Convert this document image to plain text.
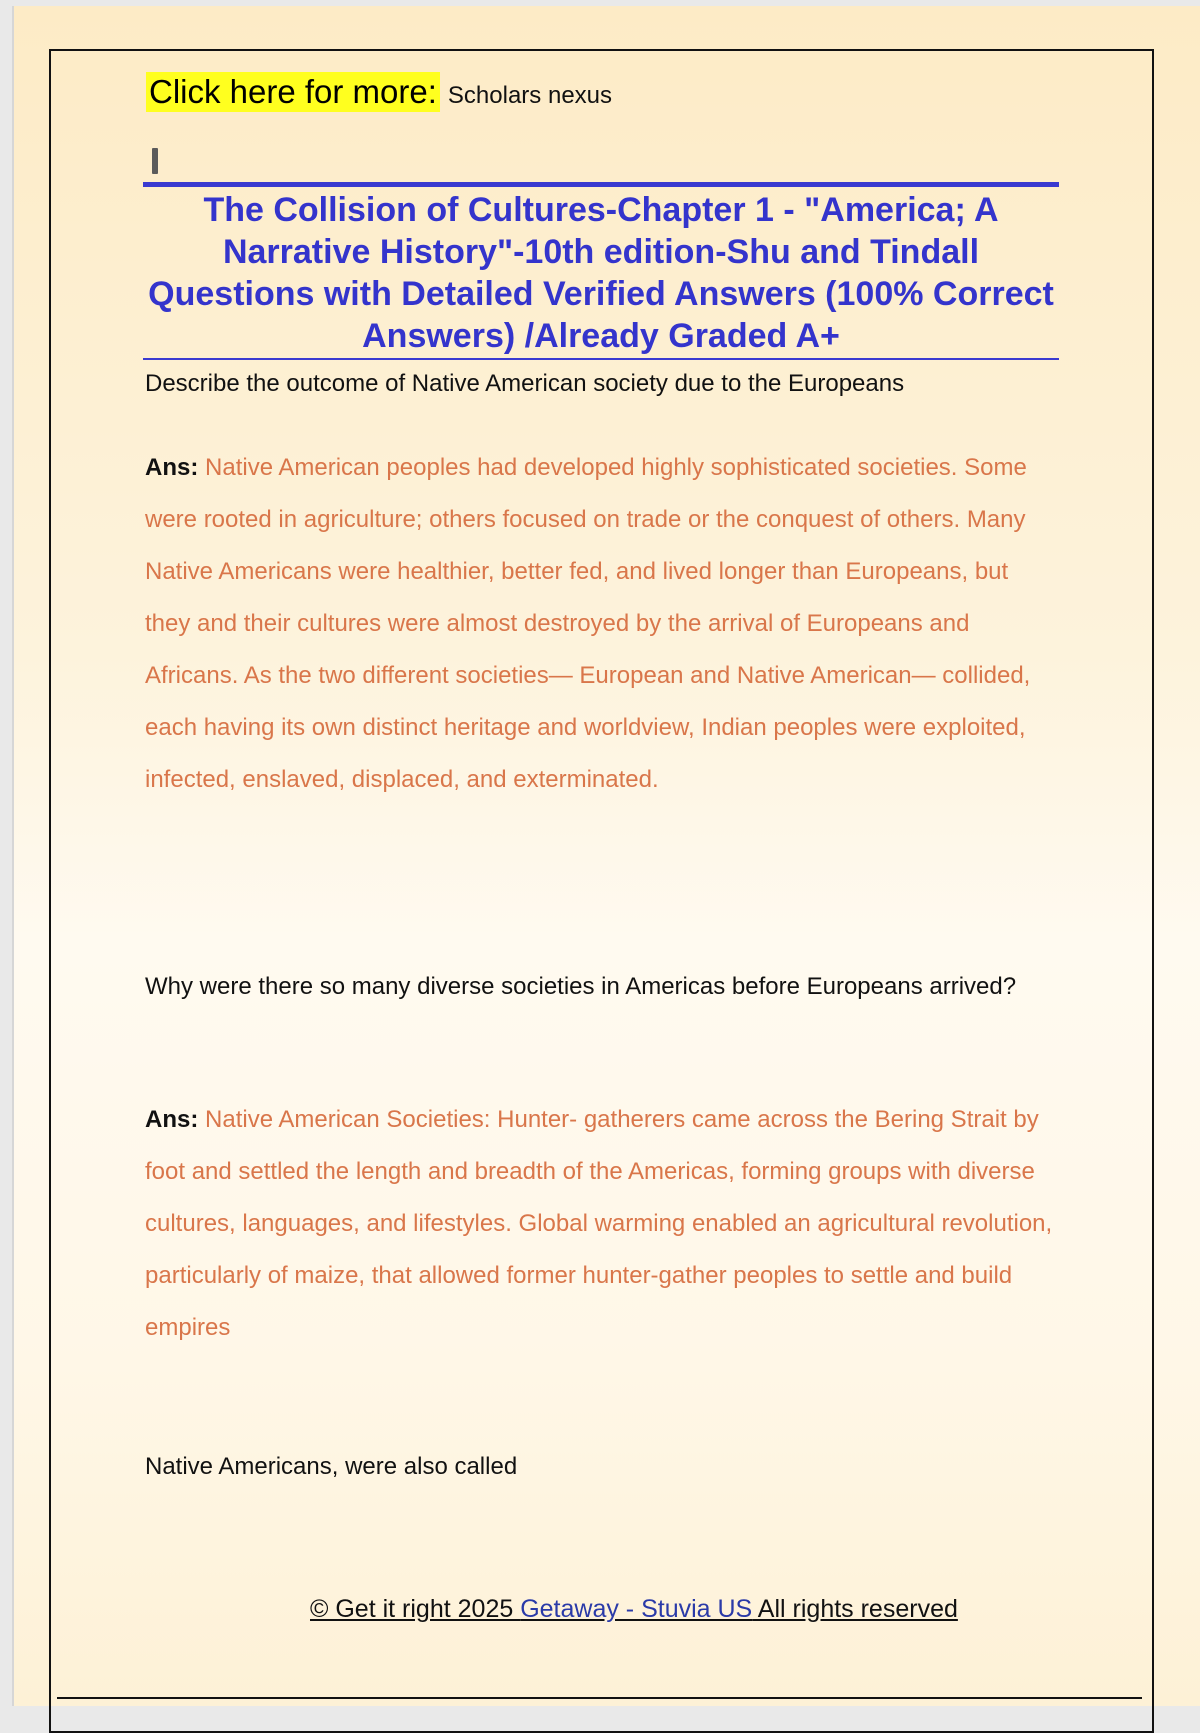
Click here for more: Scholars nexus
The Collision of Cultures-Chapter 1 - "America; A Narrative History"-10th edition-Shu and Tindall Questions with Detailed Verified Answers (100% Correct Answers) /Already Graded A+

Describe the outcome of Native American society due to the Europeans

Ans: Native American peoples had developed highly sophisticated societies. Some were rooted in agriculture; others focused on trade or the conquest of others. Many Native Americans were healthier, better fed, and lived longer than Europeans, but they and their cultures were almost destroyed by the arrival of Europeans and Africans. As the two different societies— European and Native American— collided, each having its own distinct heritage and worldview, Indian peoples were exploited, infected, enslaved, displaced, and exterminated.

Why were there so many diverse societies in Americas before Europeans arrived?

Ans: Native American Societies: Hunter- gatherers came across the Bering Strait by foot and settled the length and breadth of the Americas, forming groups with diverse cultures, languages, and lifestyles. Global warming enabled an agricultural revolution, particularly of maize, that allowed former hunter-gather peoples to settle and build empires

Native Americans, were also called

© Get it right 2025 Getaway - Stuvia US All rights reserved
